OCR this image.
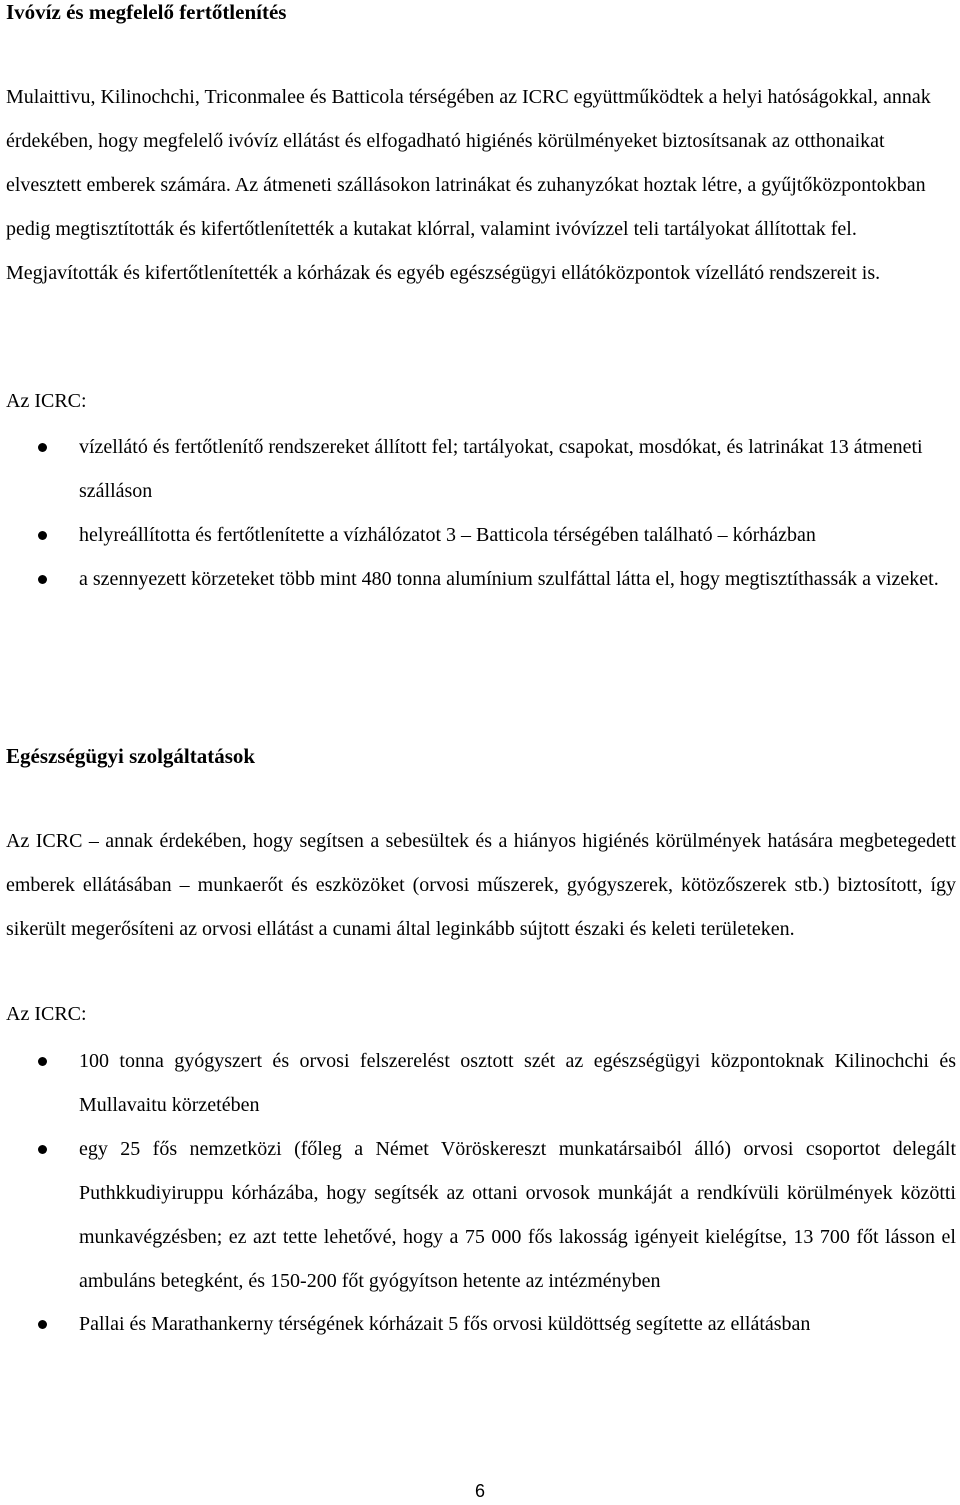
Ivóvíz és megfelelő fertőtlenítés

Mulaittivu, Kilinochchi, Triconmalee és Batticola térségében az ICRC együttműködtek a helyi hatóságokkal, annak érdekében, hogy megfelelő ivóvíz ellátást és elfogadható higiénés körülményeket biztosítsanak az otthonaikat elvesztett emberek számára. Az átmeneti szállásokon latrinákat és zuhanyzókat hoztak létre, a gyűjtőközpontokban pedig megtisztították és kifertőtlenítették a kutakat klórral, valamint ivóvízzel teli tartályokat állítottak fel. Megjavították és kifertőtlenítették a kórházak és egyéb egészségügyi ellátóközpontok vízellátó rendszereit is.

Az ICRC:

vízellátó és fertőtlenítő rendszereket állított fel; tartályokat, csapokat, mosdókat, és latrinákat 13 átmeneti szálláson
helyreállította és fertőtlenítette a vízhálózatot 3 – Batticola térségében található – kórházban
a szennyezett körzeteket több mint 480 tonna alumínium szulfáttal látta el, hogy megtisztíthassák a vizeket.
Egészségügyi szolgáltatások

Az ICRC – annak érdekében, hogy segítsen a sebesültek és a hiányos higiénés körülmények hatására megbetegedett emberek ellátásában – munkaerőt és eszközöket (orvosi műszerek, gyógyszerek, kötözőszerek stb.) biztosított, így sikerült megerősíteni az orvosi ellátást a cunami által leginkább sújtott északi és keleti területeken.

Az ICRC:

100 tonna gyógyszert és orvosi felszerelést osztott szét az egészségügyi központoknak Kilinochchi és Mullavaitu körzetében
egy 25 fős nemzetközi (főleg a Német Vöröskereszt munkatársaiból álló) orvosi csoportot delegált Puthkkudiyiruppu kórházába, hogy segítsék az ottani orvosok munkáját a rendkívüli körülmények közötti munkavégzésben; ez azt tette lehetővé, hogy a 75 000 fős lakosság igényeit kielégítse, 13 700 főt lásson el ambuláns betegként, és 150-200 főt gyógyítson hetente az intézményben
Pallai és Marathankerny térségének kórházait 5 fős orvosi küldöttség segítette az ellátásban
6
